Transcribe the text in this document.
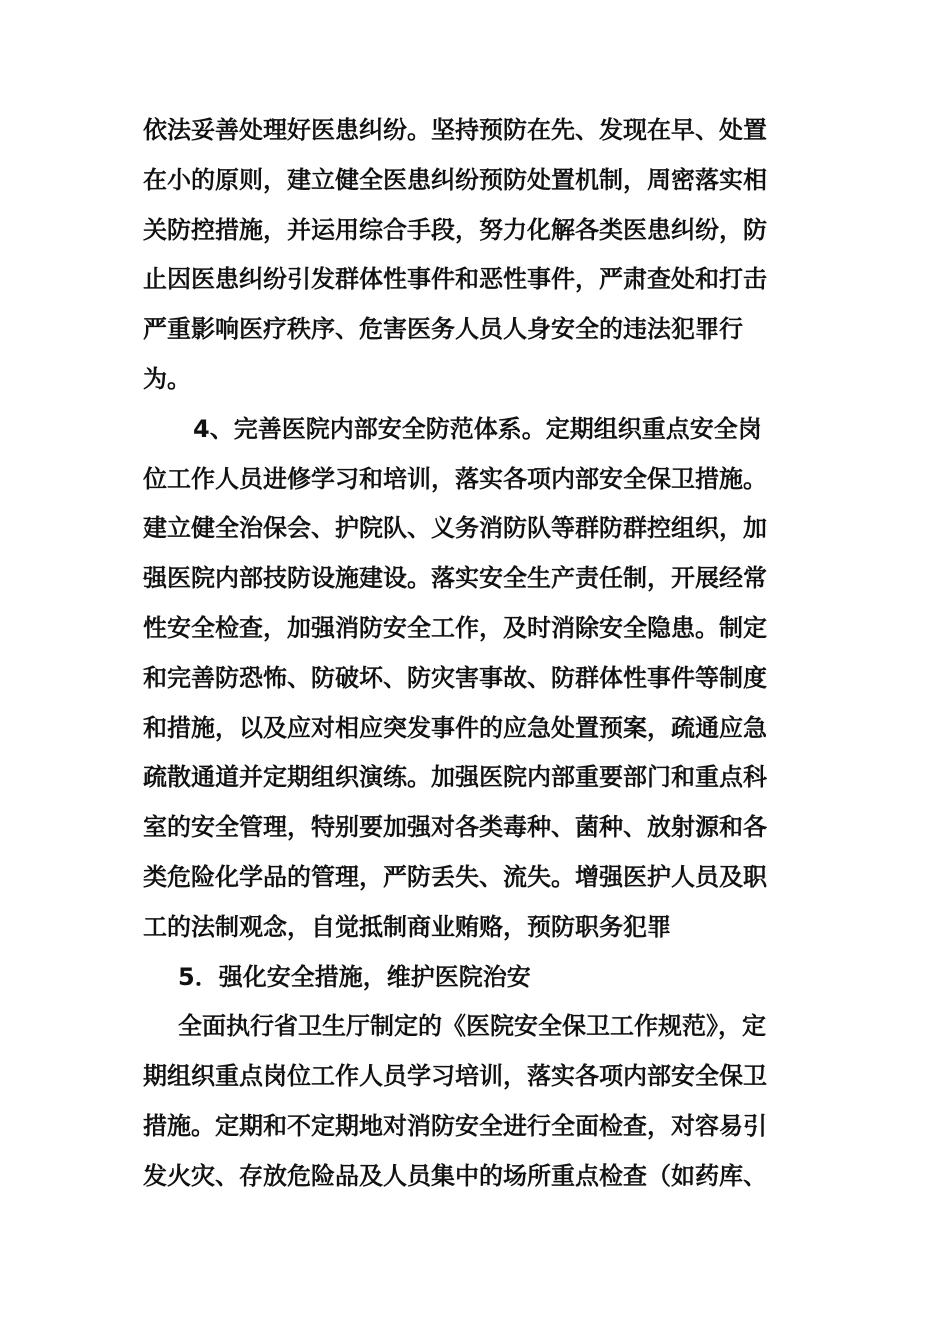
依法妥善处理好医患纠纷。坚持预防在先、发现在早、处置
在小的原则，建立健全医患纠纷预防处置机制，周密落实相
关防控措施，并运用综合手段，努力化解各类医患纠纷，防
止因医患纠纷引发群体性事件和恶性事件，严肃查处和打击
严重影响医疗秩序、危害医务人员人身安全的违法犯罪行
为。
4、完善医院内部安全防范体系。定期组织重点安全岗
位工作人员进修学习和培训，落实各项内部安全保卫措施。
建立健全治保会、护院队、义务消防队等群防群控组织，加
强医院内部技防设施建设。落实安全生产责任制，开展经常
性安全检查，加强消防安全工作，及时消除安全隐患。制定
和完善防恐怖、防破坏、防灾害事故、防群体性事件等制度
和措施，以及应对相应突发事件的应急处置预案，疏通应急
疏散通道并定期组织演练。加强医院内部重要部门和重点科
室的安全管理，特别要加强对各类毒种、菌种、放射源和各
类危险化学品的管理，严防丢失、流失。增强医护人员及职
工的法制观念，自觉抵制商业贿赂，预防职务犯罪
5．强化安全措施，维护医院治安
全面执行省卫生厅制定的《医院安全保卫工作规范》，定
期组织重点岗位工作人员学习培训，落实各项内部安全保卫
措施。定期和不定期地对消防安全进行全面检查，对容易引
发火灾、存放危险品及人员集中的场所重点检查（如药库、
